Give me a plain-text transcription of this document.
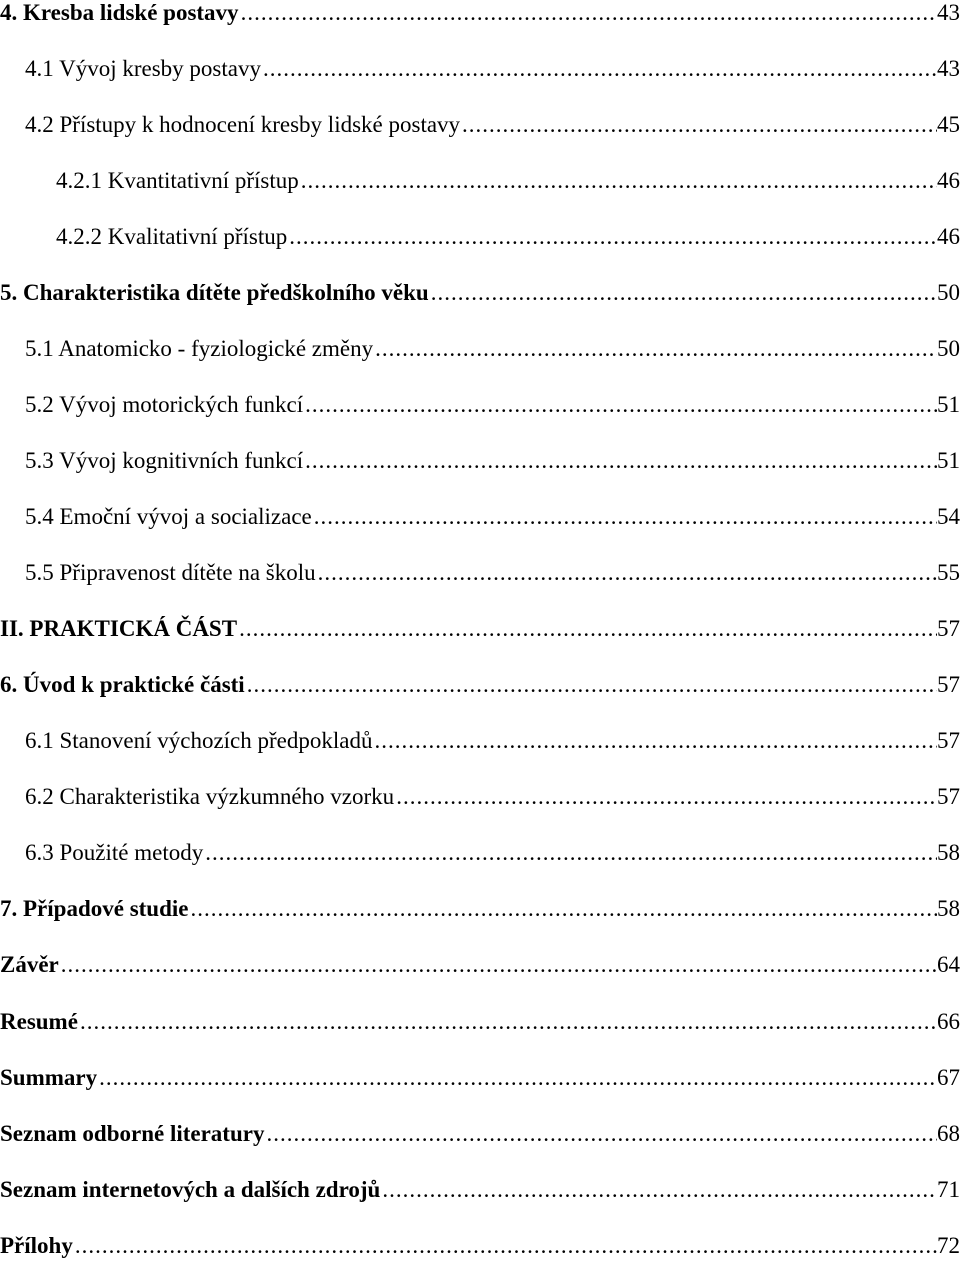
4. Kresba lidské postavy .....	43
4.1 Vývoj kresby postavy .....	43
4.2 Přístupy k hodnocení kresby lidské postavy .....	45
4.2.1 Kvantitativní přístup .....	46
4.2.2 Kvalitativní přístup .....	46
5. Charakteristika dítěte předškolního věku .....	50
5.1 Anatomicko - fyziologické změny .....	50
5.2 Vývoj motorických funkcí .....	51
5.3 Vývoj kognitivních funkcí .....	51
5.4 Emoční vývoj a socializace .....	54
5.5 Připravenost dítěte na školu .....	55
II. PRAKTICKÁ ČÁST .....	57
6. Úvod k praktické části .....	57
6.1 Stanovení výchozích předpokladů .....	57
6.2 Charakteristika výzkumného vzorku .....	57
6.3 Použité metody .....	58
7. Případové studie .....	58
Závěr .....	64
Resumé .....	66
Summary .....	67
Seznam odborné literatury .....	68
Seznam internetových a dalších zdrojů .....	71
Přílohy .....	72
